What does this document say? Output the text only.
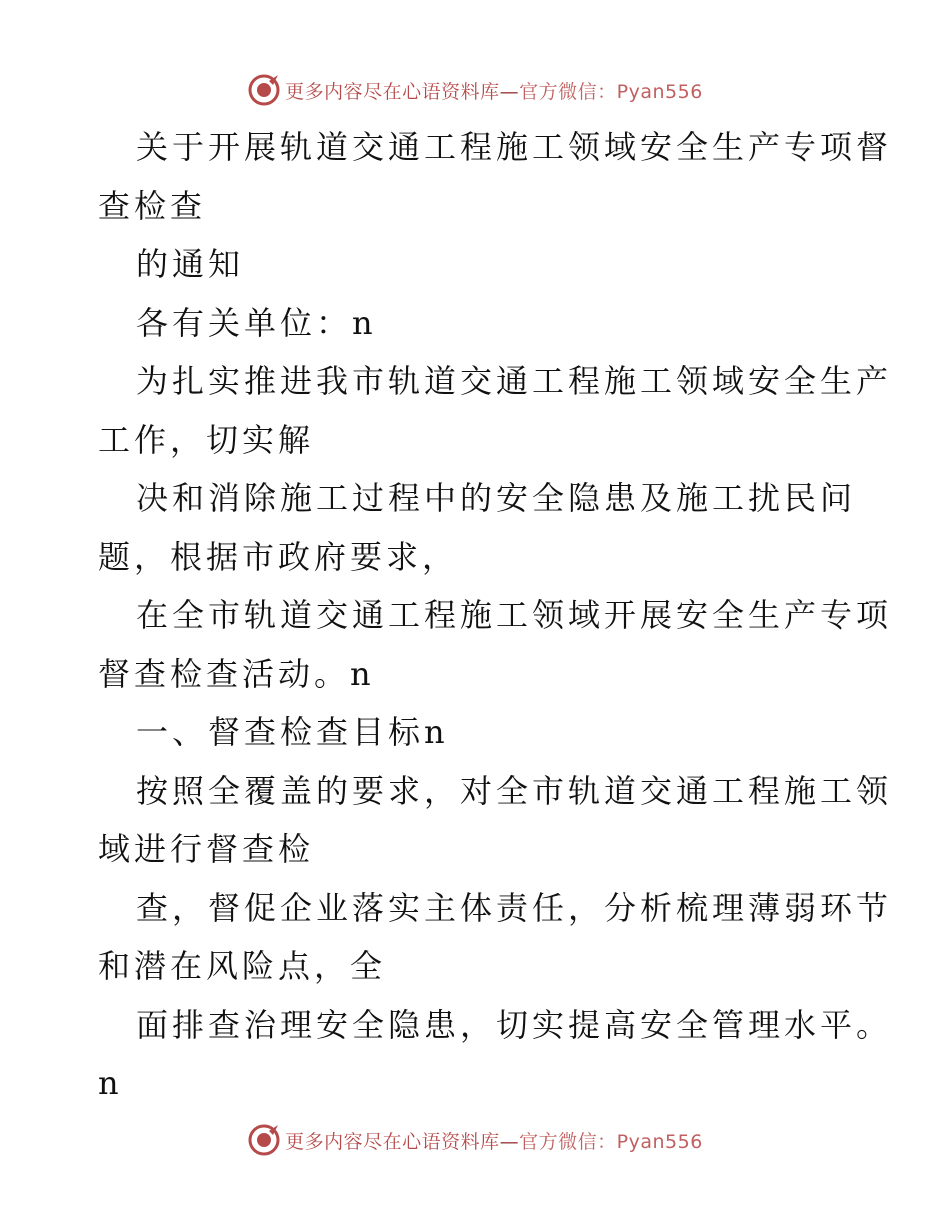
更多内容尽在心语资料库—官方微信：Pyan556

关于开展轨道交通工程施工领域安全生产专项督

查检查

的通知

各有关单位：n

为扎实推进我市轨道交通工程施工领域安全生产

工作，切实解

决和消除施工过程中的安全隐患及施工扰民问

题，根据市政府要求，

在全市轨道交通工程施工领域开展安全生产专项

督查检查活动。n

一、督查检查目标n

按照全覆盖的要求，对全市轨道交通工程施工领

域进行督查检

查，督促企业落实主体责任，分析梳理薄弱环节

和潜在风险点，全

面排查治理安全隐患，切实提高安全管理水平。

n

更多内容尽在心语资料库—官方微信：Pyan556
